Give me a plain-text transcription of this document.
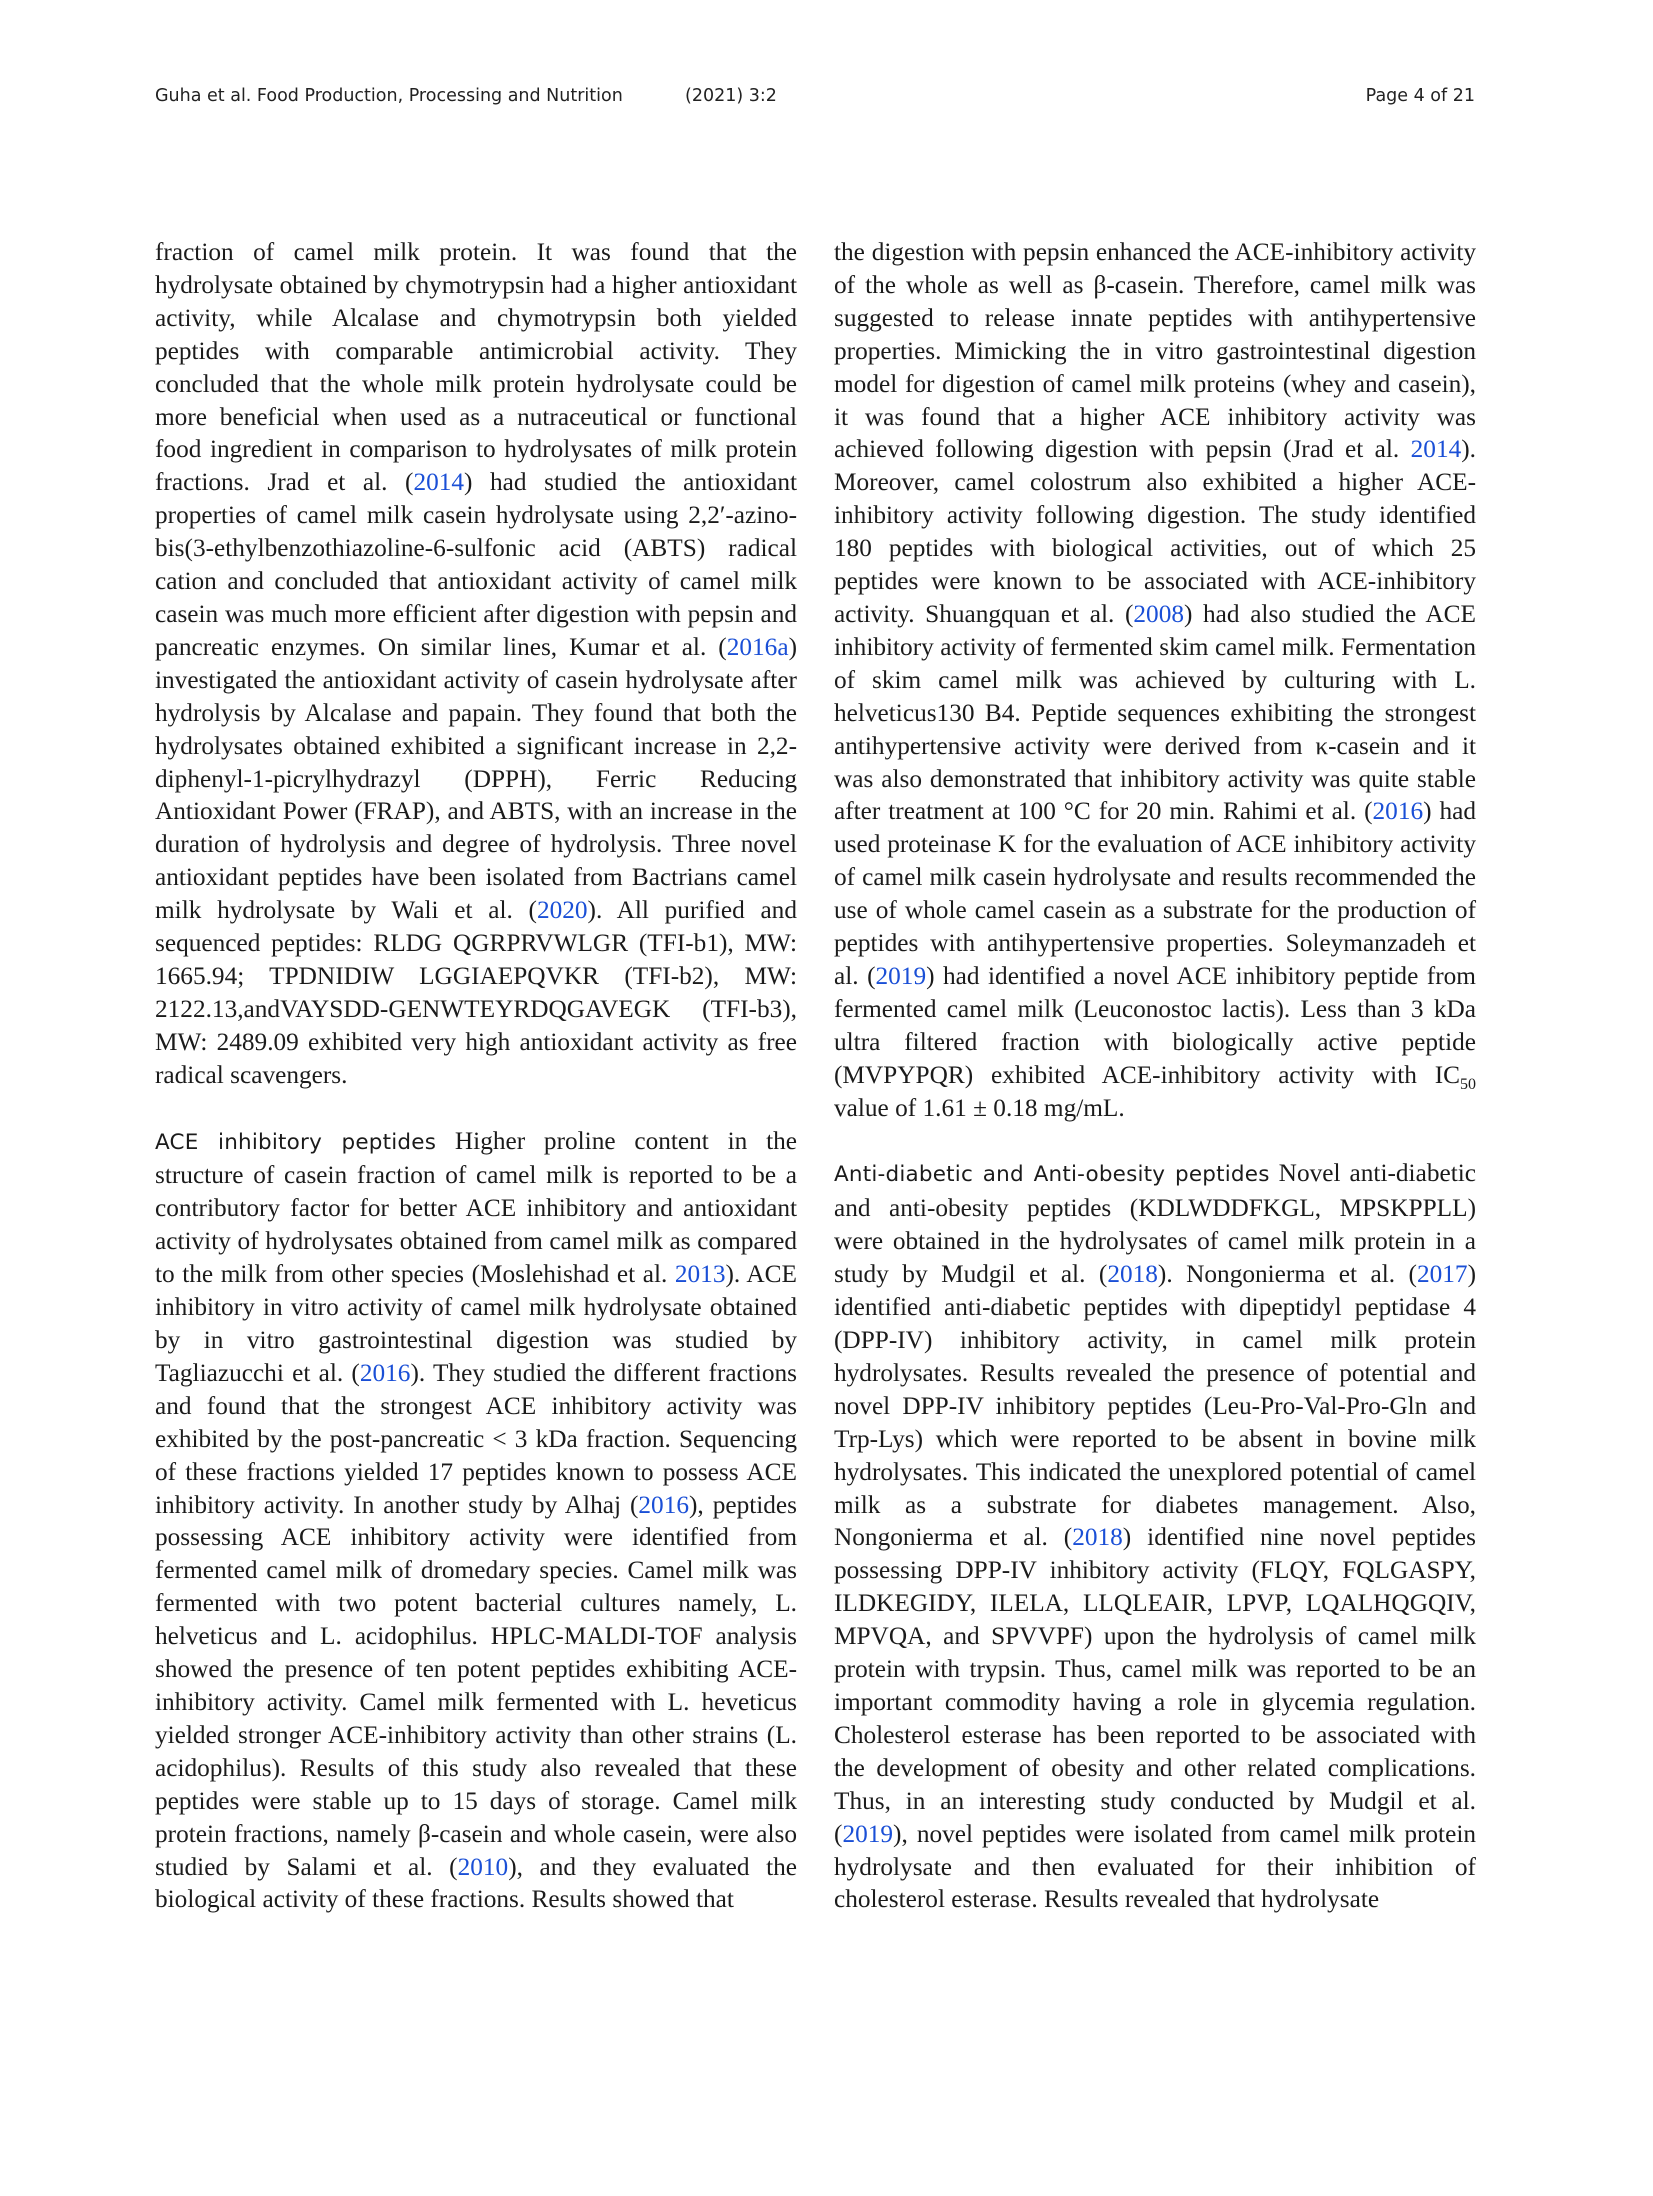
Guha et al. Food Production, Processing and Nutrition	(2021) 3:2	Page 4 of 21

fraction of camel milk protein. It was found that the hydrolysate obtained by chymotrypsin had a higher antioxidant activity, while Alcalase and chymotrypsin both yielded peptides with comparable antimicrobial activity. They concluded that the whole milk protein hydrolysate could be more beneficial when used as a nutraceutical or functional food ingredient in comparison to hydrolysates of milk protein fractions. Jrad et al. (2014) had studied the antioxidant properties of camel milk casein hydrolysate using 2,2′-azino-bis(3-ethylbenzothiazoline-6-sulfonic acid (ABTS) radical cation and concluded that antioxidant activity of camel milk casein was much more efficient after digestion with pepsin and pancreatic enzymes. On similar lines, Kumar et al. (2016a) investigated the antioxidant activity of casein hydrolysate after hydrolysis by Alcalase and papain. They found that both the hydrolysates obtained exhibited a significant increase in 2,2-diphenyl-1-picrylhydrazyl (DPPH), Ferric Reducing Antioxidant Power (FRAP), and ABTS, with an increase in the duration of hydrolysis and degree of hydrolysis. Three novel antioxidant peptides have been isolated from Bactrians camel milk hydrolysate by Wali et al. (2020). All purified and sequenced peptides: RLDG QGRPRVWLGR (TFI-b1), MW: 1665.94; TPDNIDIW LGGIAEPQVKR (TFI-b2), MW: 2122.13,andVAYSDD-GENWTEYRDQGAVEGK (TFI-b3), MW: 2489.09 exhibited very high antioxidant activity as free radical scavengers.

ACE inhibitory peptides Higher proline content in the structure of casein fraction of camel milk is reported to be a contributory factor for better ACE inhibitory and antioxidant activity of hydrolysates obtained from camel milk as compared to the milk from other species (Moslehishad et al. 2013). ACE inhibitory in vitro activity of camel milk hydrolysate obtained by in vitro gastrointestinal digestion was studied by Tagliazucchi et al. (2016). They studied the different fractions and found that the strongest ACE inhibitory activity was exhibited by the post-pancreatic < 3 kDa fraction. Sequencing of these fractions yielded 17 peptides known to possess ACE inhibitory activity. In another study by Alhaj (2016), peptides possessing ACE inhibitory activity were identified from fermented camel milk of dromedary species. Camel milk was fermented with two potent bacterial cultures namely, L. helveticus and L. acidophilus. HPLC-MALDI-TOF analysis showed the presence of ten potent peptides exhibiting ACE-inhibitory activity. Camel milk fermented with L. heveticus yielded stronger ACE-inhibitory activity than other strains (L. acidophilus). Results of this study also revealed that these peptides were stable up to 15 days of storage. Camel milk protein fractions, namely β-casein and whole casein, were also studied by Salami et al. (2010), and they evaluated the biological activity of these fractions. Results showed that

the digestion with pepsin enhanced the ACE-inhibitory activity of the whole as well as β-casein. Therefore, camel milk was suggested to release innate peptides with antihypertensive properties. Mimicking the in vitro gastrointestinal digestion model for digestion of camel milk proteins (whey and casein), it was found that a higher ACE inhibitory activity was achieved following digestion with pepsin (Jrad et al. 2014). Moreover, camel colostrum also exhibited a higher ACE-inhibitory activity following digestion. The study identified 180 peptides with biological activities, out of which 25 peptides were known to be associated with ACE-inhibitory activity. Shuangquan et al. (2008) had also studied the ACE inhibitory activity of fermented skim camel milk. Fermentation of skim camel milk was achieved by culturing with L. helveticus130 B4. Peptide sequences exhibiting the strongest antihypertensive activity were derived from κ-casein and it was also demonstrated that inhibitory activity was quite stable after treatment at 100 °C for 20 min. Rahimi et al. (2016) had used proteinase K for the evaluation of ACE inhibitory activity of camel milk casein hydrolysate and results recommended the use of whole camel casein as a substrate for the production of peptides with antihypertensive properties. Soleymanzadeh et al. (2019) had identified a novel ACE inhibitory peptide from fermented camel milk (Leuconostoc lactis). Less than 3 kDa ultra filtered fraction with biologically active peptide (MVPYPQR) exhibited ACE-inhibitory activity with $IC_{50}$ value of 1.61 ± 0.18 mg/mL.

Anti-diabetic and Anti-obesity peptides Novel anti-diabetic and anti-obesity peptides (KDLWDDFKGL, MPSKPPLL) were obtained in the hydrolysates of camel milk protein in a study by Mudgil et al. (2018). Nongonierma et al. (2017) identified anti-diabetic peptides with dipeptidyl peptidase 4 (DPP-IV) inhibitory activity, in camel milk protein hydrolysates. Results revealed the presence of potential and novel DPP-IV inhibitory peptides (Leu-Pro-Val-Pro-Gln and Trp-Lys) which were reported to be absent in bovine milk hydrolysates. This indicated the unexplored potential of camel milk as a substrate for diabetes management. Also, Nongonierma et al. (2018) identified nine novel peptides possessing DPP-IV inhibitory activity (FLQY, FQLGASPY, ILDKEGIDY, ILELA, LLQLEAIR, LPVP, LQALHQGQIV, MPVQA, and SPVVPF) upon the hydrolysis of camel milk protein with trypsin. Thus, camel milk was reported to be an important commodity having a role in glycemia regulation. Cholesterol esterase has been reported to be associated with the development of obesity and other related complications. Thus, in an interesting study conducted by Mudgil et al. (2019), novel peptides were isolated from camel milk protein hydrolysate and then evaluated for their inhibition of cholesterol esterase. Results revealed that hydrolysate
